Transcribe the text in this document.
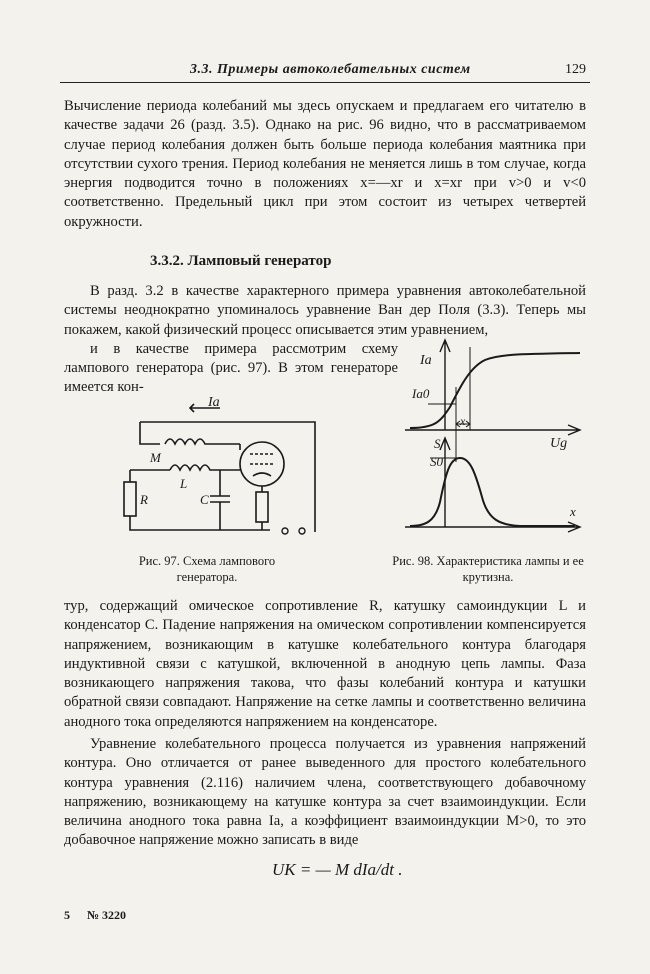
3.3. Примеры автоколебательных систем	129

Вычисление периода колебаний мы здесь опускаем и предлагаем его читателю в качестве задачи 26 (разд. 3.5). Однако на рис. 96 видно, что в рассматриваемом случае период колебания должен быть больше периода колебания маятника при отсутствии сухого трения. Период колебания не меняется лишь в том случае, когда энергия подводится точно в положениях x=—xr и x=xr при v>0 и v<0 соответственно. Предельный цикл при этом состоит из четырех четвертей окружности.

3.3.2. Ламповый генератор

В разд. 3.2 в качестве характерного примера уравнения автоколебательной системы неоднократно упоминалось уравнение Ван дер Поля (3.3). Теперь мы покажем, какой физический процесс описывается этим уравнением,
и в качестве примера рассмотрим схему лампового генератора (рис. 97). В этом генераторе имеется кон-

Ia
M
L
C
R

Рис. 97. Схема лампового генератора.

Ia
Ia0
x
Ug
S
S0
x

Рис. 98. Характеристика лампы и ее крутизна.

тур, содержащий омическое сопротивление R, катушку самоиндукции L и конденсатор C. Падение напряжения на омическом сопротивлении компенсируется напряжением, возникающим в катушке колебательного контура благодаря индуктивной связи с катушкой, включенной в анодную цепь лампы. Фаза возникающего напряжения такова, что фазы колебаний контура и катушки обратной связи совпадают. Напряжение на сетке лампы и соответственно величина анодного тока определяются напряжением на конденсаторе.

Уравнение колебательного процесса получается из уравнения напряжений контура. Оно отличается от ранее выведенного для простого колебательного контура уравнения (2.116) наличием члена, соответствующего добавочному напряжению, возникающему на катушке контура за счет взаимоиндукции. Если величина анодного тока равна Ia, а коэффициент взаимоиндукции M>0, то это добавочное напряжение можно записать в виде

UK = — M dIa/dt .
5 № 3220
